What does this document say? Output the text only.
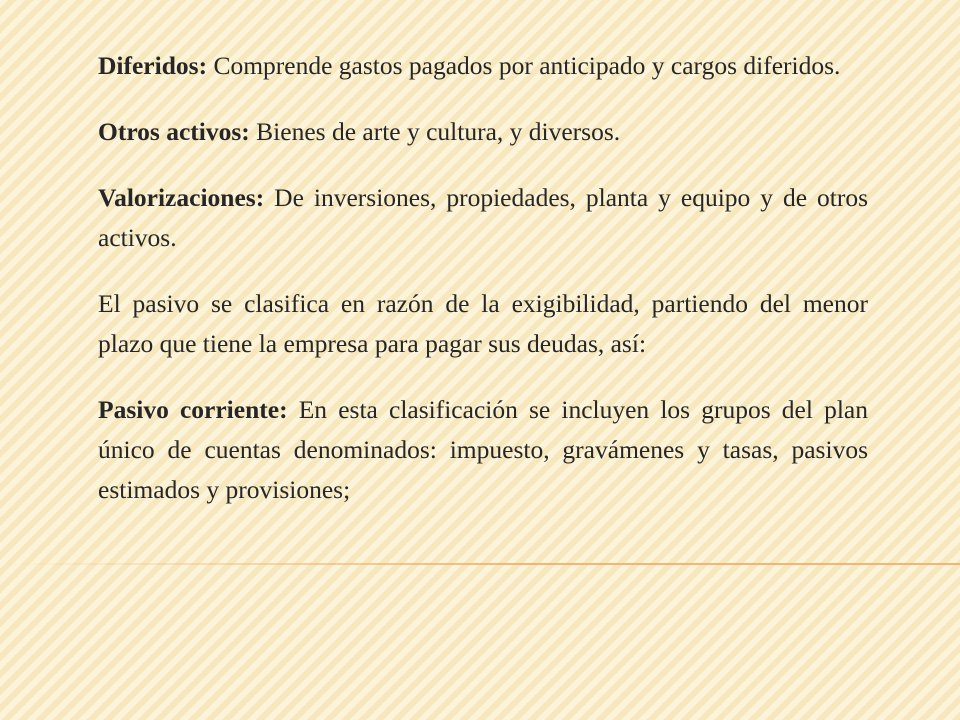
Diferidos: Comprende gastos pagados por anticipado y cargos diferidos.

Otros activos: Bienes de arte y cultura, y diversos.

Valorizaciones: De inversiones, propiedades, planta y equipo y de otros activos.

El pasivo se clasifica en razón de la exigibilidad, partiendo del menor plazo que tiene la empresa para pagar sus deudas, así:

Pasivo corriente: En esta clasificación se incluyen los grupos del plan único de cuentas denominados: impuesto, gravámenes y tasas, pasivos estimados y provisiones;
